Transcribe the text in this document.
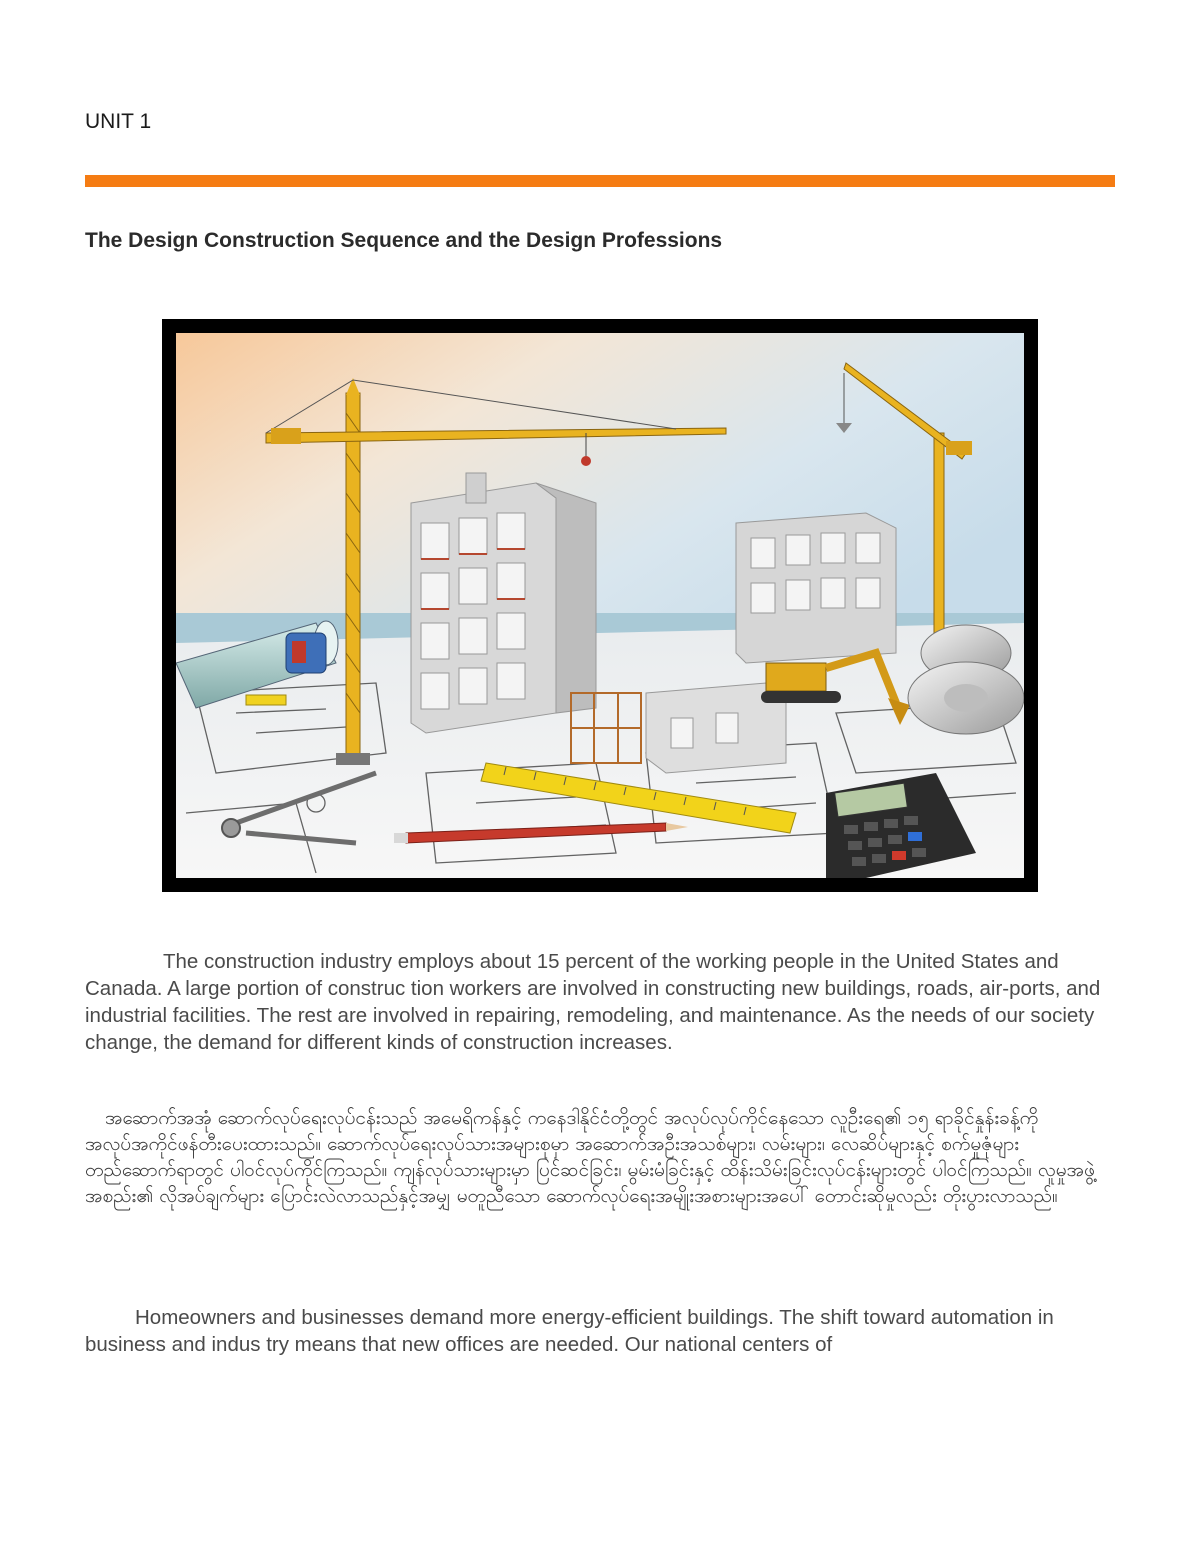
UNIT 1
The Design Construction Sequence and the Design Professions

The construction industry employs about 15 percent of the working people in the United States and Canada. A large portion of construc tion workers are involved in constructing new buildings, roads, air-ports, and industrial facilities. The rest are involved in repairing, remodeling, and maintenance. As the needs of our society change, the demand for different kinds of construction increases.

အဆောက်အအုံ ဆောက်လုပ်ရေးလုပ်ငန်းသည် အမေရိကန်နှင့် ကနေဒါနိုင်ငံတို့တွင် အလုပ်လုပ်ကိုင်နေသော လူဦးရေ၏ ၁၅ ရာခိုင်နှုန်းခန့်ကို အလုပ်အကိုင်ဖန်တီးပေးထားသည်။ ဆောက်လုပ်ရေးလုပ်သားအများစုမှာ အဆောက်အဦးအသစ်များ၊ လမ်းများ၊ လေဆိပ်များနှင့် စက်မှုဇုံများ တည်ဆောက်ရာတွင် ပါဝင်လုပ်ကိုင်ကြသည်။ ကျန်လုပ်သားများမှာ ပြင်ဆင်ခြင်း၊ မွမ်းမံခြင်းနှင့် ထိန်းသိမ်းခြင်းလုပ်ငန်းများတွင် ပါဝင်ကြသည်။ လူမှုအဖွဲ့အစည်း၏ လိုအပ်ချက်များ ပြောင်းလဲလာသည်နှင့်အမျှ မတူညီသော ဆောက်လုပ်ရေးအမျိုးအစားများအပေါ် တောင်းဆိုမှုလည်း တိုးပွားလာသည်။

Homeowners and businesses demand more energy-efficient buildings. The shift toward automation in business and indus try means that new offices are needed. Our national centers of
